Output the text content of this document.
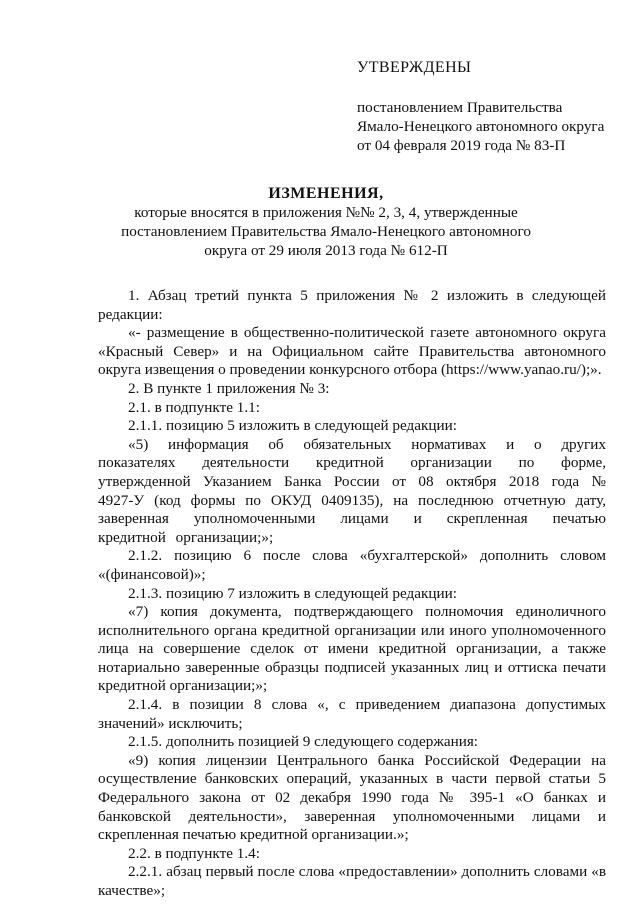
УТВЕРЖДЕНЫ

постановлением Правительства

Ямало-Ненецкого автономного округа

от 04 февраля 2019 года № 83-П

ИЗМЕНЕНИЯ,

которые вносятся в приложения №№ 2, 3, 4, утвержденные

постановлением Правительства Ямало-Ненецкого автономного

округа от 29 июля 2013 года № 612-П

1. Абзац третий пункта 5 приложения № 2 изложить в следующей редакции:

«- размещение в общественно-политической газете автономного округа «Красный Север» и на Официальном сайте Правительства автономного округа извещения о проведении конкурсного отбора (https://www.yanao.ru/);».

2. В пункте 1 приложения № 3:

2.1. в подпункте 1.1:

2.1.1. позицию 5 изложить в следующей редакции:

«5) информация об обязательных нормативах и о других показателях деятельности кредитной организации по форме, утвержденной Указанием Банка России от 08 октября 2018 года № 4927-У (код формы по ОКУД 0409135), на последнюю отчетную дату, заверенная уполномоченными лицами и скрепленная печатью кредитной организации;»;

2.1.2. позицию 6 после слова «бухгалтерской» дополнить словом «(финансовой)»;

2.1.3. позицию 7 изложить в следующей редакции:

«7) копия документа, подтверждающего полномочия единоличного исполнительного органа кредитной организации или иного уполномоченного лица на совершение сделок от имени кредитной организации, а также нотариально заверенные образцы подписей указанных лиц и оттиска печати кредитной организации;»;

2.1.4. в позиции 8 слова «, с приведением диапазона допустимых значений» исключить;

2.1.5. дополнить позицией 9 следующего содержания:

«9) копия лицензии Центрального банка Российской Федерации на осуществление банковских операций, указанных в части первой статьи 5 Федерального закона от 02 декабря 1990 года № 395-1 «О банках и банковской деятельности», заверенная уполномоченными лицами и скрепленная печатью кредитной организации.»;

2.2. в подпункте 1.4:

2.2.1. абзац первый после слова «предоставлении» дополнить словами «в качестве»;
